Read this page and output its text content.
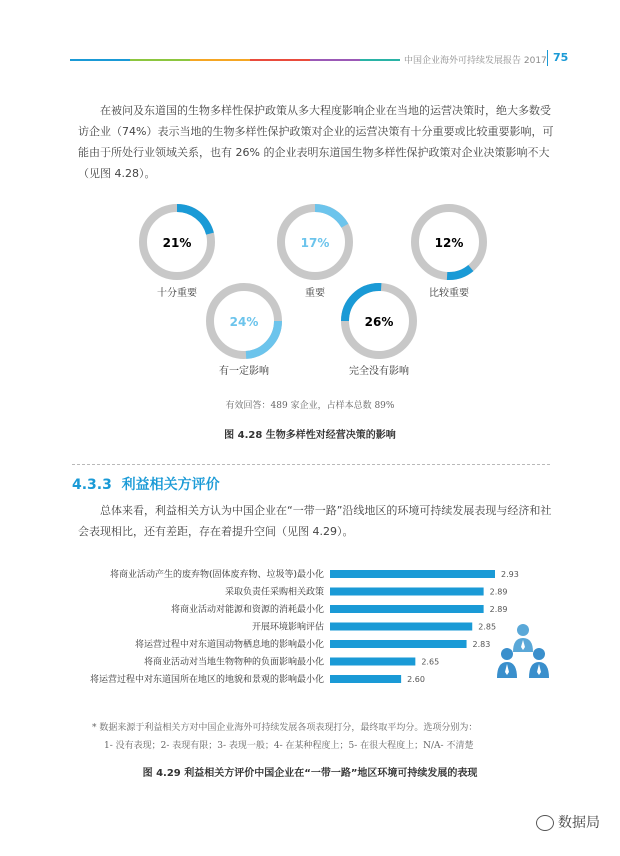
中国企业海外可持续发展报告 2017 75
在被问及东道国的生物多样性保护政策从多大程度影响企业在当地的运营决策时，绝大多数受访企业（74%）表示当地的生物多样性保护政策对企业的运营决策有十分重要或比较重要影响，可能由于所处行业领域关系，也有 26% 的企业表明东道国生物多样性保护政策对企业决策影响不大（见图 4.28）。
21%
十分重要
17%
重要
12%
比较重要
24%
有一定影响
26%
完全没有影响
有效回答：489 家企业，占样本总数 89%
图 4.28 生物多样性对经营决策的影响
4.3.3 利益相关方评价
总体来看，利益相关方认为中国企业在“一带一路”沿线地区的环境可持续发展表现与经济和社会表现相比，还有差距，存在着提升空间（见图 4.29）。
将商业活动产生的废弃物(固体废弃物、垃圾等)最小化	2.93
采取负责任采购相关政策	2.89
将商业活动对能源和资源的消耗最小化	2.89
开展环境影响评估	2.85
将运营过程中对东道国动物栖息地的影响最小化	2.83
将商业活动对当地生物物种的负面影响最小化	2.65
将运营过程中对东道国所在地区的地貌和景观的影响最小化	2.60
* 数据来源于利益相关方对中国企业海外可持续发展各项表现打分，最终取平均分。选项分别为：
1- 没有表现；2- 表现有限；3- 表现一般；4- 在某种程度上；5- 在很大程度上；N/A- 不清楚
图 4.29 利益相关方评价中国企业在“一带一路”地区环境可持续发展的表现
数据局
